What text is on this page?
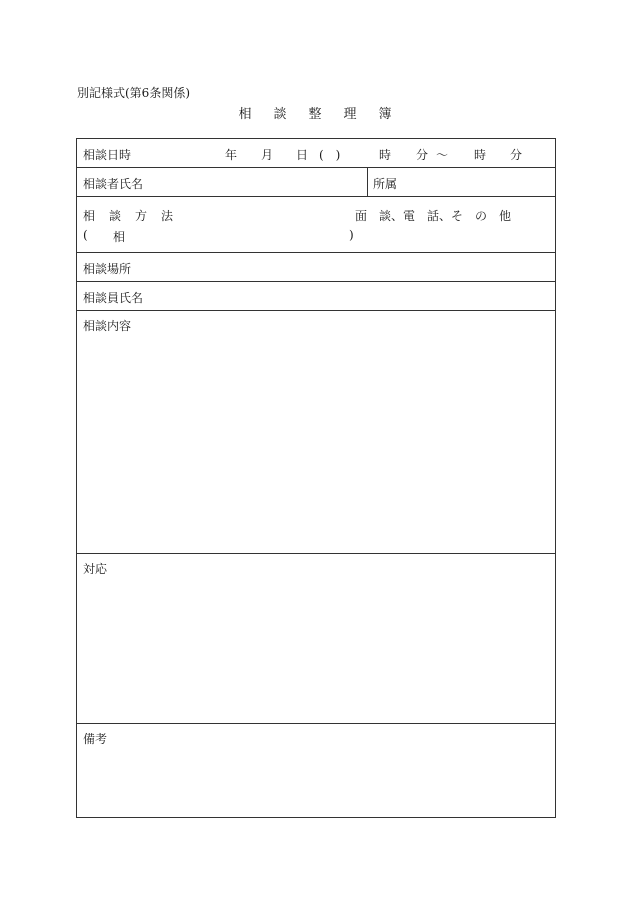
別記様式(第6条関係)
相 談 整 理 簿
相談日時	年 月 日 (　)	時 分 〜 時 分
相談者氏名	所属
相 談 方 法	面　談、電　話、そ　の　他
( 相	)
相談場所
相談員氏名
相談内容
対応
備考
